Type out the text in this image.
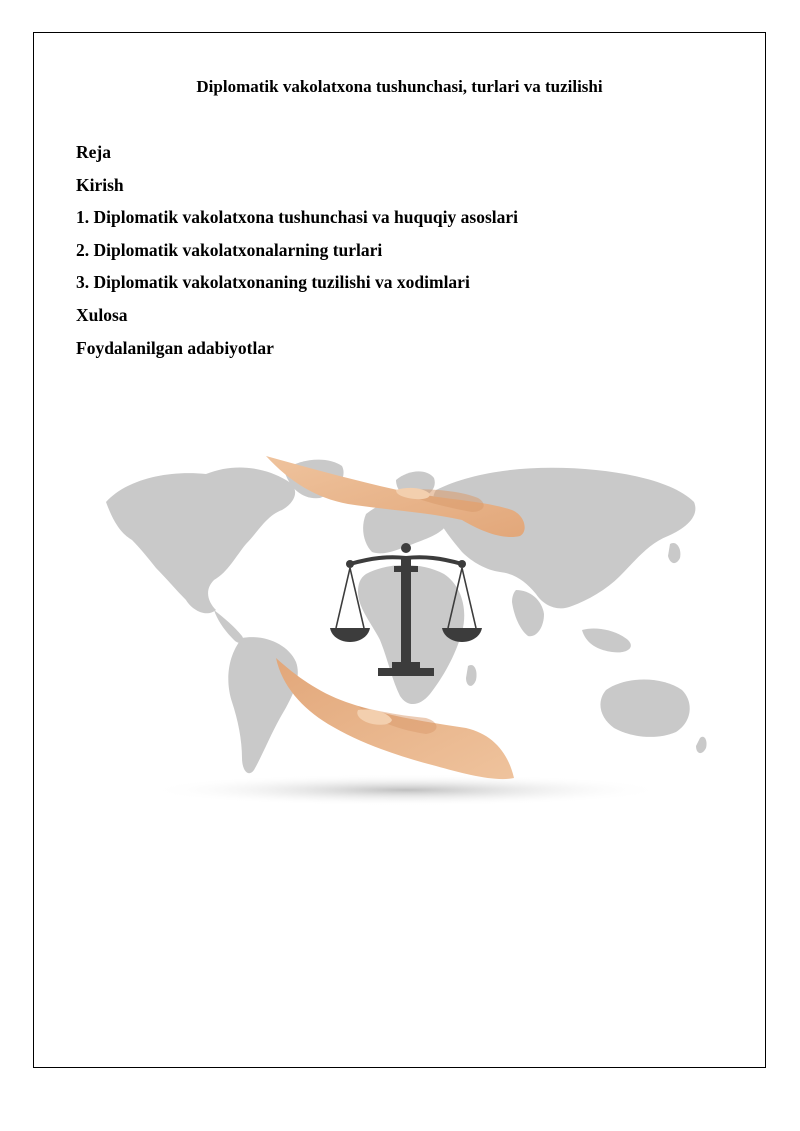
Diplomatik vakolatxona tushunchasi, turlari va tuzilishi
Reja
Kirish
1. Diplomatik vakolatxona tushunchasi va huquqiy asoslari
2. Diplomatik vakolatxonalarning turlari
3. Diplomatik vakolatxonaning tuzilishi va xodimlari
Xulosa
Foydalanilgan adabiyotlar
